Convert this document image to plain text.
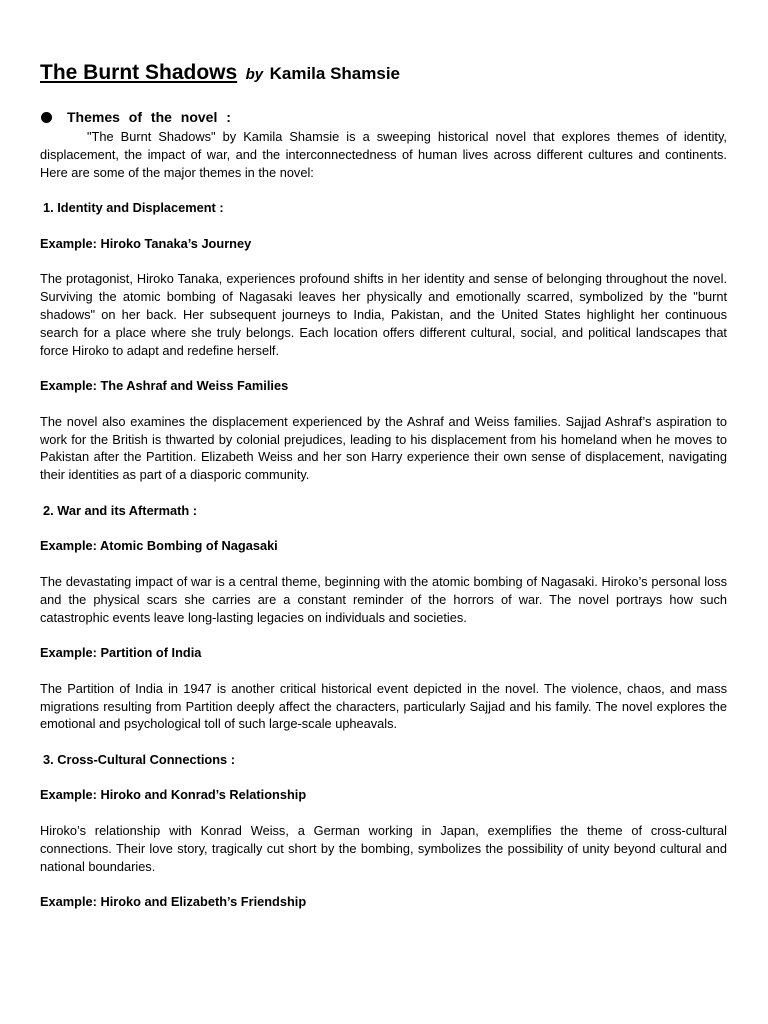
The Burnt Shadows by Kamila Shamsie
Themes of the novel :

"The Burnt Shadows" by Kamila Shamsie is a sweeping historical novel that explores themes of identity, displacement, the impact of war, and the interconnectedness of human lives across different cultures and continents. Here are some of the major themes in the novel:

1. Identity and Displacement :
Example: Hiroko Tanaka’s Journey

The protagonist, Hiroko Tanaka, experiences profound shifts in her identity and sense of belonging throughout the novel. Surviving the atomic bombing of Nagasaki leaves her physically and emotionally scarred, symbolized by the "burnt shadows" on her back. Her subsequent journeys to India, Pakistan, and the United States highlight her continuous search for a place where she truly belongs. Each location offers different cultural, social, and political landscapes that force Hiroko to adapt and redefine herself.

Example: The Ashraf and Weiss Families

The novel also examines the displacement experienced by the Ashraf and Weiss families. Sajjad Ashraf’s aspiration to work for the British is thwarted by colonial prejudices, leading to his displacement from his homeland when he moves to Pakistan after the Partition. Elizabeth Weiss and her son Harry experience their own sense of displacement, navigating their identities as part of a diasporic community.

2. War and its Aftermath :
Example: Atomic Bombing of Nagasaki

The devastating impact of war is a central theme, beginning with the atomic bombing of Nagasaki. Hiroko’s personal loss and the physical scars she carries are a constant reminder of the horrors of war. The novel portrays how such catastrophic events leave long-lasting legacies on individuals and societies.

Example: Partition of India

The Partition of India in 1947 is another critical historical event depicted in the novel. The violence, chaos, and mass migrations resulting from Partition deeply affect the characters, particularly Sajjad and his family. The novel explores the emotional and psychological toll of such large-scale upheavals.

3. Cross-Cultural Connections :
Example: Hiroko and Konrad’s Relationship

Hiroko’s relationship with Konrad Weiss, a German working in Japan, exemplifies the theme of cross-cultural connections. Their love story, tragically cut short by the bombing, symbolizes the possibility of unity beyond cultural and national boundaries.

Example: Hiroko and Elizabeth’s Friendship
